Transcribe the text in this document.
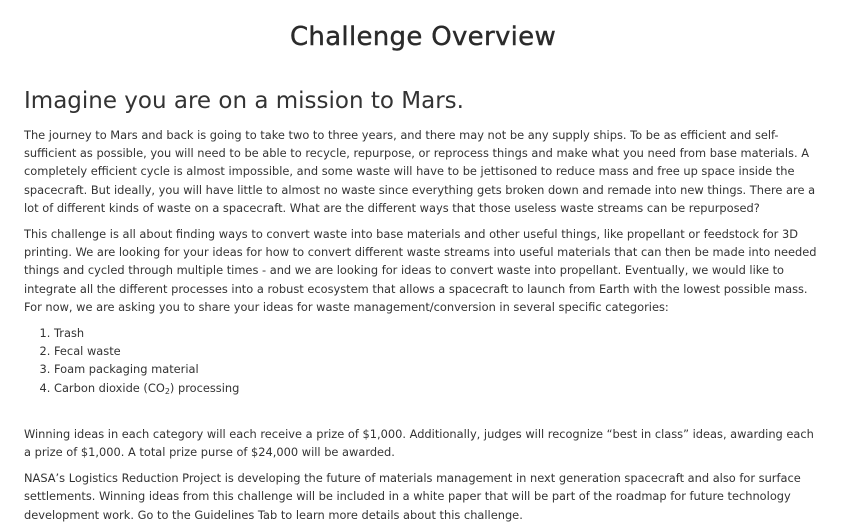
Challenge Overview
Imagine you are on a mission to Mars.

The journey to Mars and back is going to take two to three years, and there may not be any supply ships. To be as efficient and self-sufficient as possible, you will need to be able to recycle, repurpose, or reprocess things and make what you need from base materials. A completely efficient cycle is almost impossible, and some waste will have to be jettisoned to reduce mass and free up space inside the spacecraft. But ideally, you will have little to almost no waste since everything gets broken down and remade into new things. There are a lot of different kinds of waste on a spacecraft. What are the different ways that those useless waste streams can be repurposed?

This challenge is all about finding ways to convert waste into base materials and other useful things, like propellant or feedstock for 3D printing. We are looking for your ideas for how to convert different waste streams into useful materials that can then be made into needed things and cycled through multiple times - and we are looking for ideas to convert waste into propellant. Eventually, we would like to integrate all the different processes into a robust ecosystem that allows a spacecraft to launch from Earth with the lowest possible mass. For now, we are asking you to share your ideas for waste management/conversion in several specific categories:

1. Trash
2. Fecal waste
3. Foam packaging material
4. Carbon dioxide $(CO_2)$ processing

Winning ideas in each category will each receive a prize of $1,000. Additionally, judges will recognize “best in class” ideas, awarding each a prize of $1,000. A total prize purse of $24,000 will be awarded.

NASA’s Logistics Reduction Project is developing the future of materials management in next generation spacecraft and also for surface settlements. Winning ideas from this challenge will be included in a white paper that will be part of the roadmap for future technology development work. Go to the Guidelines Tab to learn more details about this challenge.
